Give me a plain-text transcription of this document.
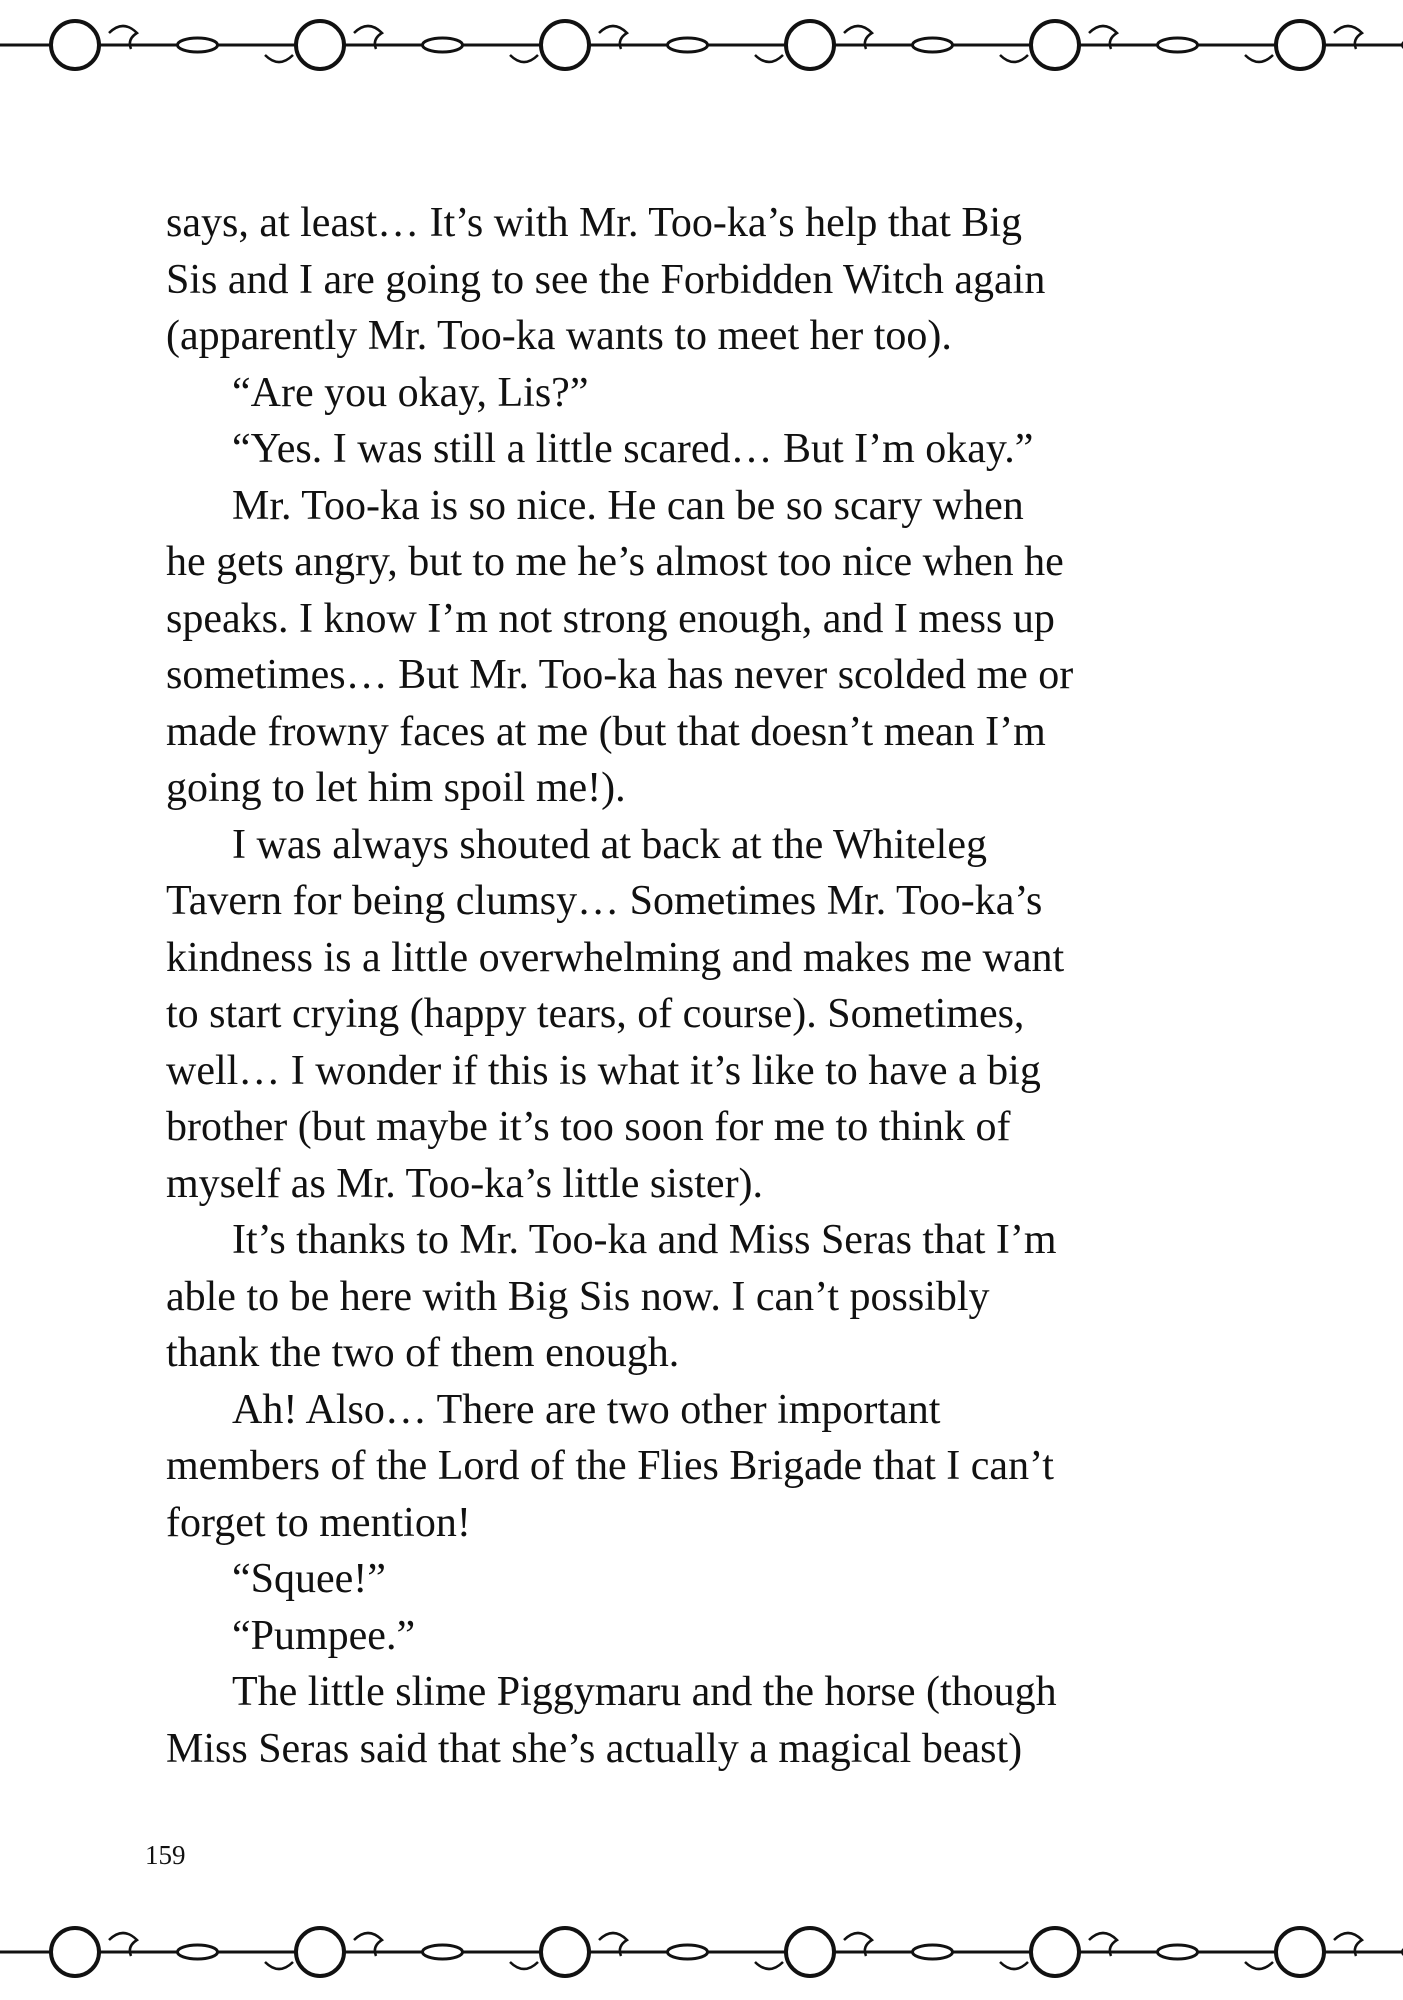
says, at least… It’s with Mr. Too-ka’s help that Big
Sis and I are going to see the Forbidden Witch again
(apparently Mr. Too-ka wants to meet her too).

“Are you okay, Lis?”

“Yes. I was still a little scared… But I’m okay.”

Mr. Too-ka is so nice. He can be so scary when
he gets angry, but to me he’s almost too nice when he
speaks. I know I’m not strong enough, and I mess up
sometimes… But Mr. Too-ka has never scolded me or
made frowny faces at me (but that doesn’t mean I’m
going to let him spoil me!).

I was always shouted at back at the Whiteleg
Tavern for being clumsy… Sometimes Mr. Too-ka’s
kindness is a little overwhelming and makes me want
to start crying (happy tears, of course). Sometimes,
well… I wonder if this is what it’s like to have a big
brother (but maybe it’s too soon for me to think of
myself as Mr. Too-ka’s little sister).

It’s thanks to Mr. Too-ka and Miss Seras that I’m
able to be here with Big Sis now. I can’t possibly
thank the two of them enough.

Ah! Also… There are two other important
members of the Lord of the Flies Brigade that I can’t
forget to mention!

“Squee!”

“Pumpee.”

The little slime Piggymaru and the horse (though
Miss Seras said that she’s actually a magical beast)

159
